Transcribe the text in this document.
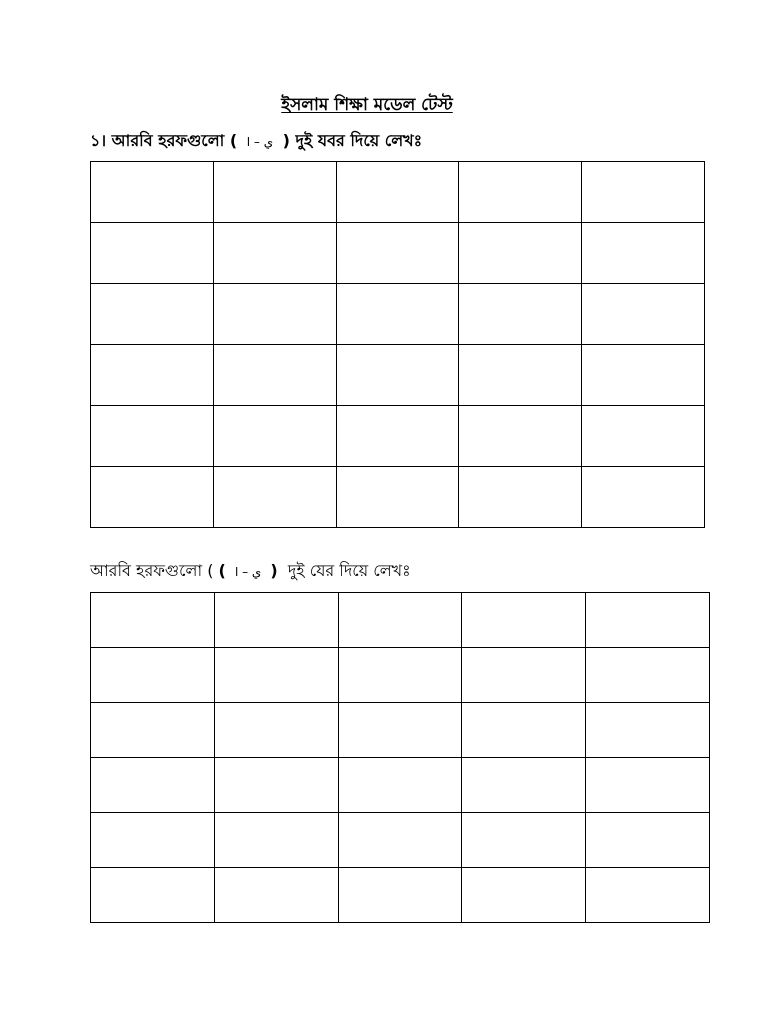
ইসলাম শিক্ষা মডেল টেস্ট
১। আরবি হরফগুলো ( ي – ا ) দুই যবর দিয়ে লেখঃ

আরবি হরফগুলো ( ( ي – ا ) দুই যের দিয়ে লেখঃ
